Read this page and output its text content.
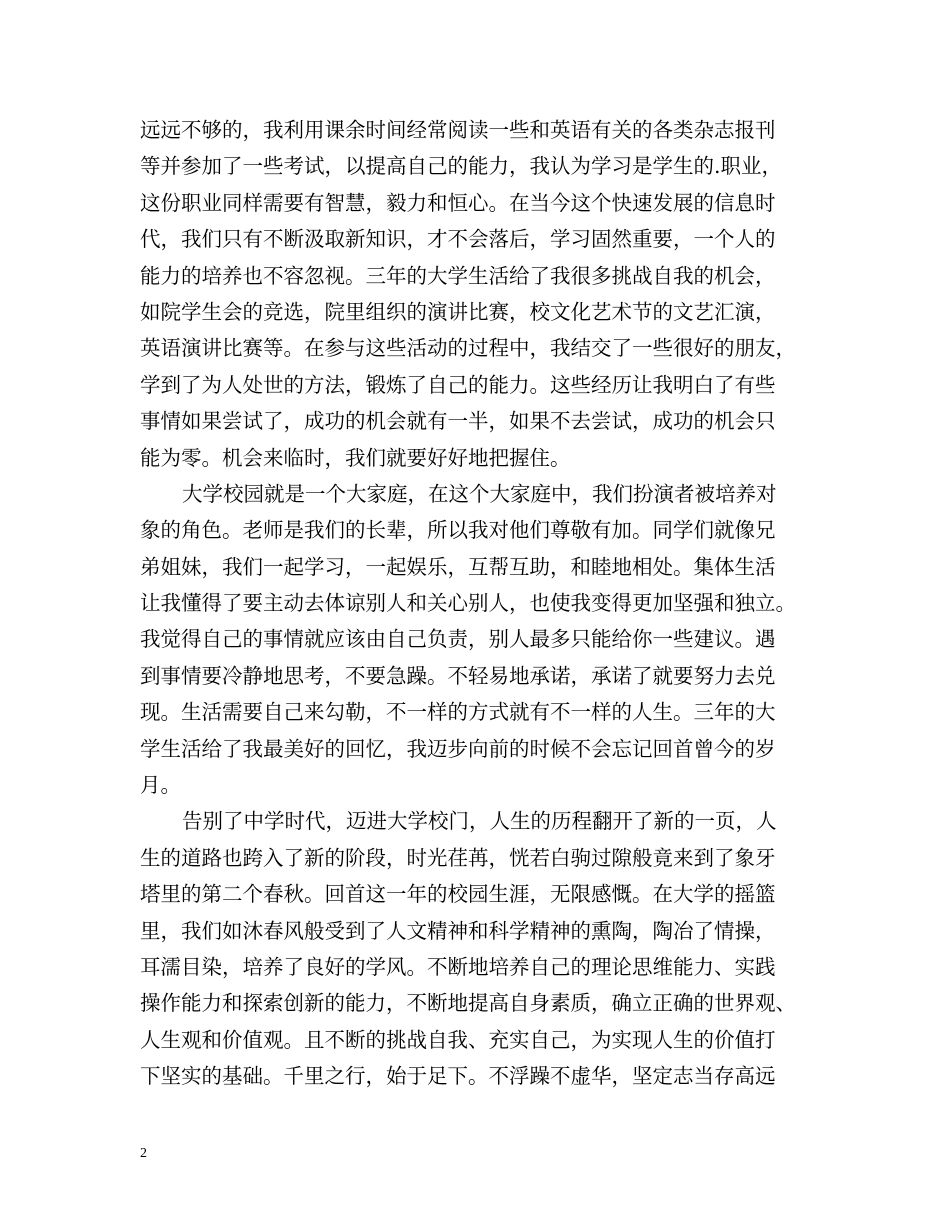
远远不够的，我利用课余时间经常阅读一些和英语有关的各类杂志报刊
等并参加了一些考试，以提高自己的能力，我认为学习是学生的.职业，
这份职业同样需要有智慧，毅力和恒心。在当今这个快速发展的信息时
代，我们只有不断汲取新知识，才不会落后，学习固然重要，一个人的
能力的培养也不容忽视。三年的大学生活给了我很多挑战自我的机会，
如院学生会的竞选，院里组织的演讲比赛，校文化艺术节的文艺汇演，
英语演讲比赛等。在参与这些活动的过程中，我结交了一些很好的朋友，
学到了为人处世的方法，锻炼了自己的能力。这些经历让我明白了有些
事情如果尝试了，成功的机会就有一半，如果不去尝试，成功的机会只
能为零。机会来临时，我们就要好好地把握住。
大学校园就是一个大家庭，在这个大家庭中，我们扮演者被培养对
象的角色。老师是我们的长辈，所以我对他们尊敬有加。同学们就像兄
弟姐妹，我们一起学习，一起娱乐，互帮互助，和睦地相处。集体生活
让我懂得了要主动去体谅别人和关心别人，也使我变得更加坚强和独立。
我觉得自己的事情就应该由自己负责，别人最多只能给你一些建议。遇
到事情要冷静地思考，不要急躁。不轻易地承诺，承诺了就要努力去兑
现。生活需要自己来勾勒，不一样的方式就有不一样的人生。三年的大
学生活给了我最美好的回忆，我迈步向前的时候不会忘记回首曾今的岁
月。
告别了中学时代，迈进大学校门，人生的历程翻开了新的一页，人
生的道路也跨入了新的阶段，时光荏苒，恍若白驹过隙般竟来到了象牙
塔里的第二个春秋。回首这一年的校园生涯，无限感慨。在大学的摇篮
里，我们如沐春风般受到了人文精神和科学精神的熏陶，陶冶了情操，
耳濡目染，培养了良好的学风。不断地培养自己的理论思维能力、实践
操作能力和探索创新的能力，不断地提高自身素质，确立正确的世界观、
人生观和价值观。且不断的挑战自我、充实自己，为实现人生的价值打
下坚实的基础。千里之行，始于足下。不浮躁不虚华，坚定志当存高远
2
